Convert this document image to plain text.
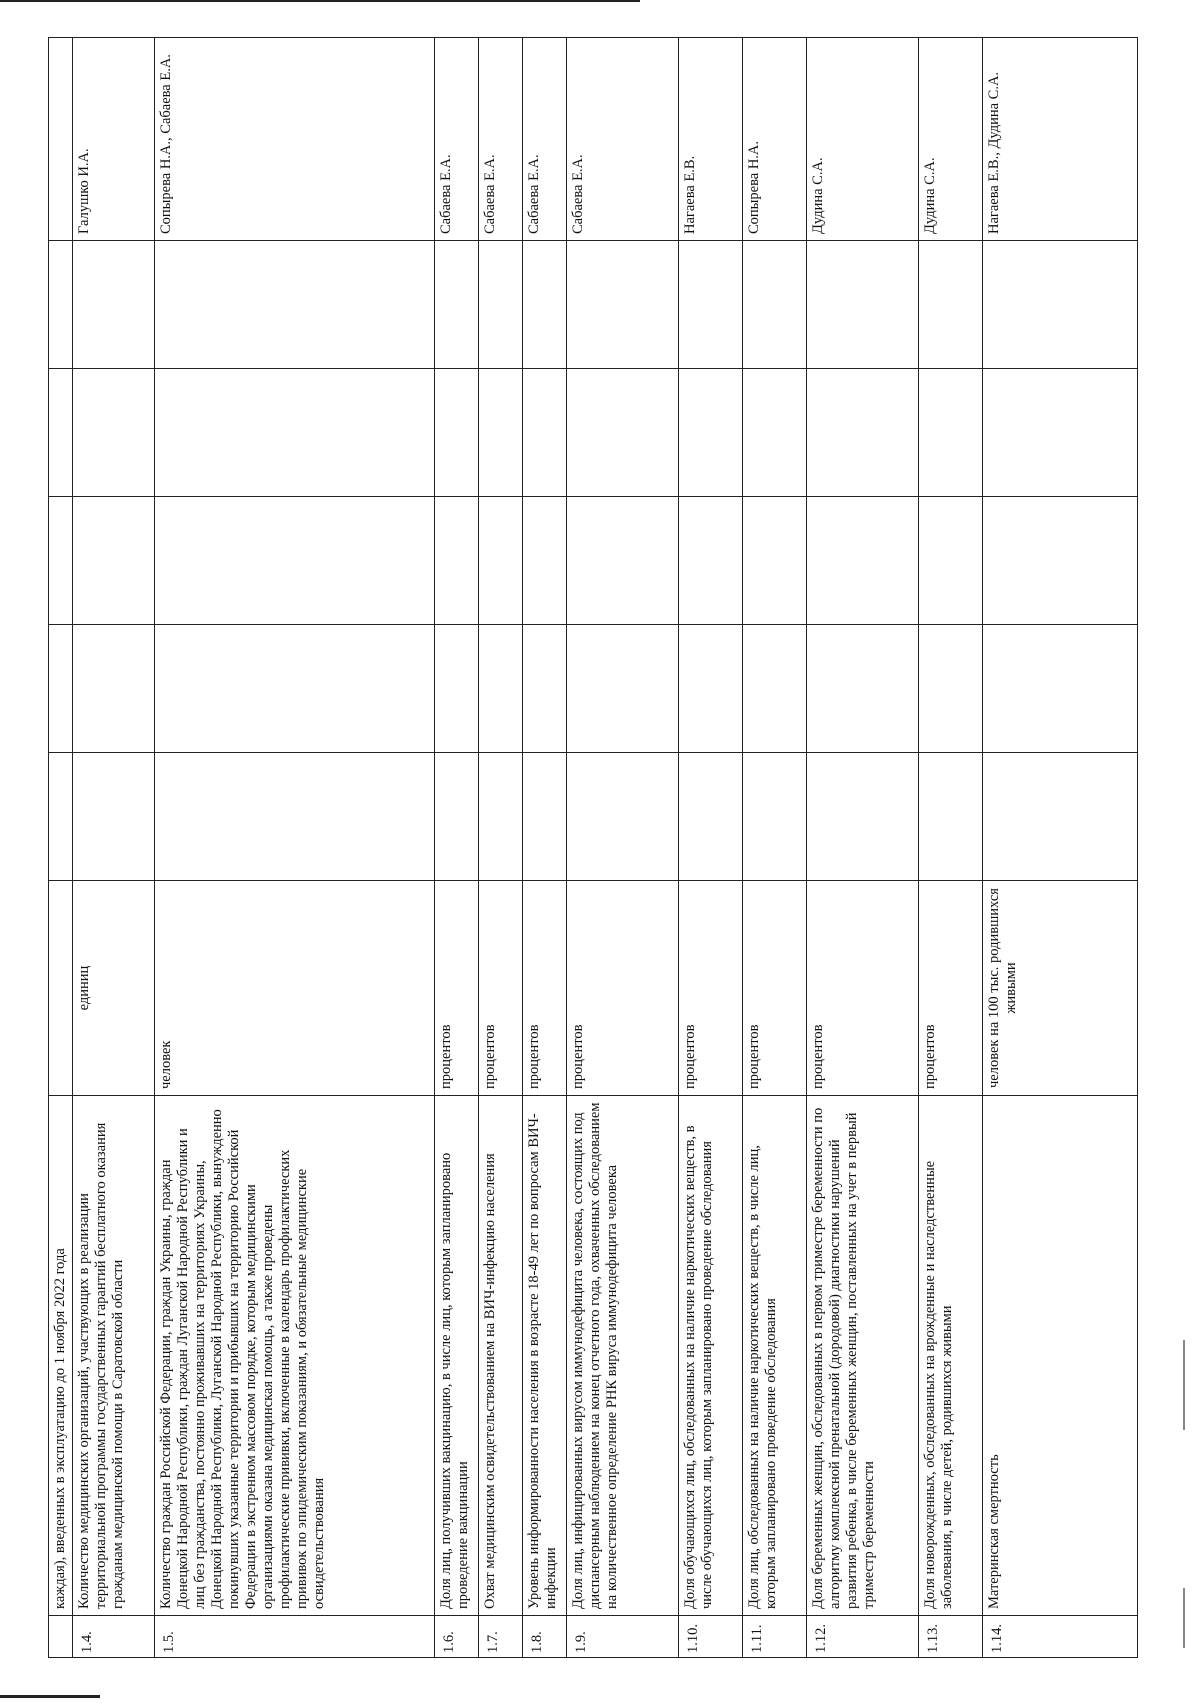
	каждая), введенных в эксплуатацию до 1 ноября 2022 года							
1.4.	Количество медицинских организаций, участвующих в реализации территориальной программы государственных гарантий бесплатного оказания гражданам медицинской помощи в Саратовской области	единиц						Галушко И.А.
1.5.	Количество граждан Российской Федерации, граждан Украины, граждан Донецкой Народной Республики, граждан Луганской Народной Республики и лиц без гражданства, постоянно проживавших на территориях Украины, Донецкой Народной Республики, Луганской Народной Республики, вынужденно покинувших указанные территории и прибывших на территорию Российской Федерации в экстренном массовом порядке, которым медицинскими организациями оказана медицинская помощь, а также проведены профилактические прививки, включенные в календарь профилактических прививок по эпидемическим показаниям, и обязательные медицинские освидетельствования	человек						Сопырева Н.А., Сабаева Е.А.
1.6.	Доля лиц, получивших вакцинацию, в числе лиц, которым запланировано проведение вакцинации	процентов						Сабаева Е.А.
1.7.	Охват медицинским освидетельствованием на ВИЧ-инфекцию населения	процентов						Сабаева Е.А.
1.8.	Уровень информированности населения в возрасте 18-49 лет по вопросам ВИЧ-инфекции	процентов						Сабаева Е.А.
1.9.	Доля лиц, инфицированных вирусом иммунодефицита человека, состоящих под диспансерным наблюдением на конец отчетного года, охваченных обследованием на количественное определение РНК вируса иммунодефицита человека	процентов						Сабаева Е.А.
1.10.	Доля обучающихся лиц, обследованных на наличие наркотических веществ, в числе обучающихся лиц, которым запланировано проведение обследования	процентов						Нагаева Е.В.
1.11.	Доля лиц, обследованных на наличие наркотических веществ, в числе лиц, которым запланировано проведение обследования	процентов						Сопырева Н.А.
1.12.	Доля беременных женщин, обследованных в первом триместре беременности по алгоритму комплексной пренатальной (дородовой) диагностики нарушений развития ребенка, в числе беременных женщин, поставленных на учет в первый триместр беременности	процентов						Дудина С.А.
1.13.	Доля новорожденных, обследованных на врожденные и наследственные заболевания, в числе детей, родившихся живыми	процентов						Дудина С.А.
1.14.	Материнская смертность	человек на 100 тыс. родившихся живыми						Нагаева Е.В., Дудина С.А.
